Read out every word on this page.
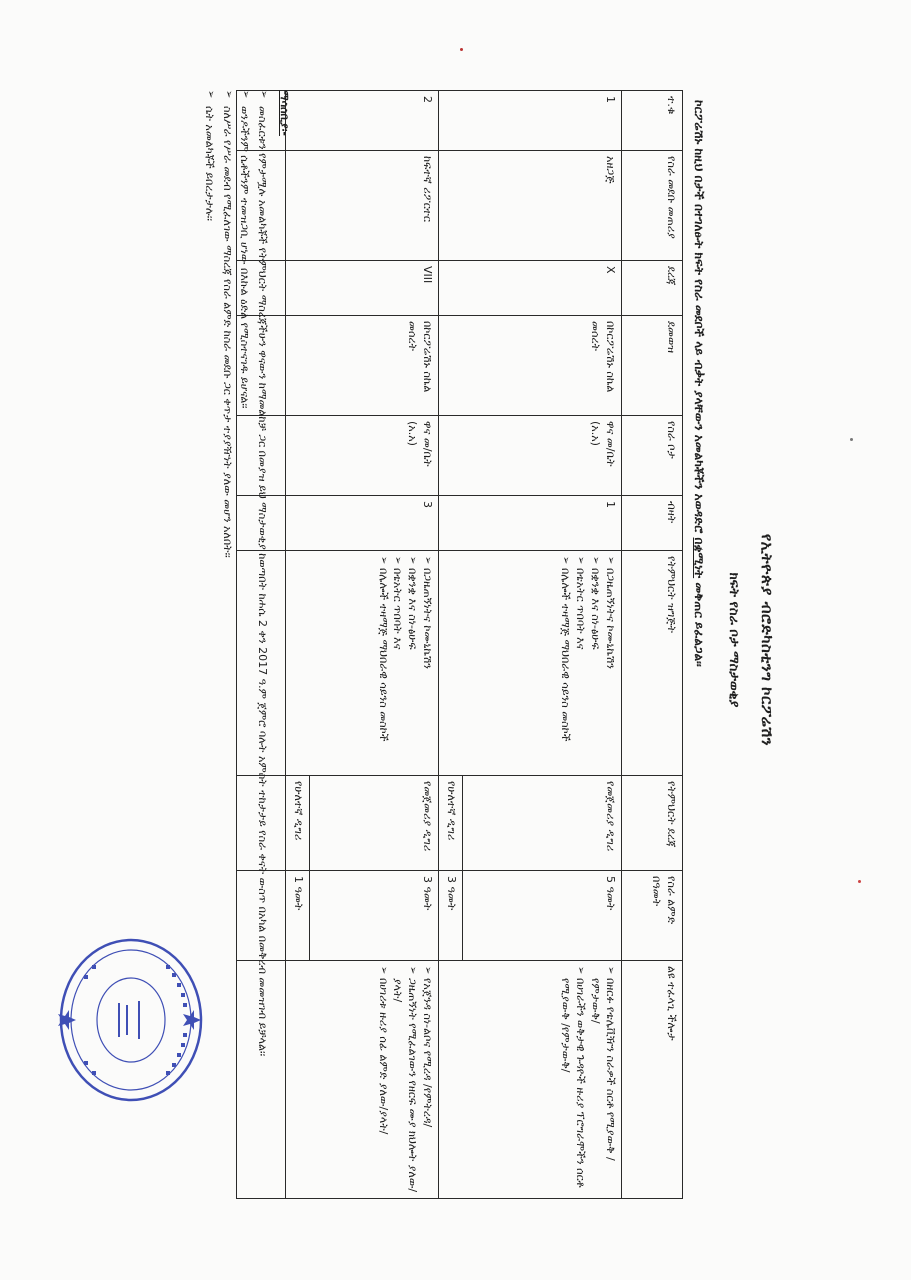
የኢትዮጵያ ብሮድካስቲንግ ኮርፖሬሽን
ክፍት የስራ ቦታ ማስታወቂያ
ኮርፖሬሽኑ ከዚህ በታች በተገለፁት ክፍት የስራ መደቦች ላይ ብቃት ያላቸውን አመልካቾችን አወዳድሮ በቋሚነት መቅጠር ይፈልጋል፡፡
ተ.ቁ	የስራ መደቡ መጠሪያ	ደረጃ	ደመወዝ	የስራ ቦታ	ብዛት	የትምህርት ዝግጅት	የትምህርት ደረጃ	የስራ ልምድ በዓመት	ልዩ ተፈላጊ ችሎታ
1	አዘጋጅ	X	በኮርፖሬሽኑ ስኬል መሰረት	ዋና መ/ቤት (አ.አ)	1	➢ በጋዜጠኝነትና ኮሙኒኬሽን
➢ በቋንቋ እና ስነ-ፅሁፍ
➢ በቴአትር ጥበባት እና
➢ በሌሎች ተዛማጅ ማህበራዊ ሳይንስ መስኮች	የመጀመሪያ ዲግሪ	5 ዓመት	➢ በዘርፉ የቴሌቪዥን ስራዎች ስርቶ የሚያውቅ /የምታውቅ/
➢ በሀገራችን ወቅታዊ ጉዳዮች ዙሪያ ፕሮግራሞችን ሰርቶ የሚያውቅ /የምታውቅ/

							የሁለተኛ ዲግሪ	3 ዓመት	
2	ከፍተኛ ሪፖርተር	VIII	በኮርፖሬሽኑ ስኬል መሰረት	ዋና መ/ቤት (አ.አ)	3	➢ በጋዜጠኝነትና ኮሙኒኬሽን
➢ በቋንቋ እና ስነ-ፅሁፍ
➢ በቴአትር ጥበባት እና
➢ በሌሎች ተዛማጅ ማህበራዊ ሳይንስ መስኮች	የመጀመሪያ ዲግሪ	3 ዓመት	➢ የአጀንዳ ስነ-ልቦና የሚረዳ /የምትረዳ/
➢ ጋዜጠኝነት የሚፈልገውን የዘርፍ ሙያ ክህሎት ያለው/ያላት/
➢ በሀገሪቱ ዙሪያ ሰፊ ልምድ ያለው/ያላት/

							የሁለተኛ ዲግሪ	1 ዓመት	

ማሳሰቢያ፡-
➢ መስፈርቱን የምታሟሉ አመልካቾች የትምህርት ማስረጃችሁን ዋናውን ከማመልከቻ ጋር በመያዝ ይህ ማስታወቂያ ከወጣበት ከሐሴ 2 ቀን 2017 ዓ.ም ጀምሮ ባሉት አምስት ተከታታይ የስራ ቀናት ውስጥ በአካል በመቅረብ መመዝገብ ይቻላል፡፡
➢ ወንዶችንም ሴቶችንም ተመዝጋቢ ሆነው በእኩል ዕድል የሚስተናገዱ ይሆናል፡፡
➢ ስለሥራ የሥራ መደብ የሚፈለገው ማስረጃ የስራ ልምድ ከስራ መደቡ ጋር ቀጥታ ተያያዥነት ያለው መሆን አለበት፡፡
➢ ሴት አመልካቾች ይበረታታሉ፡፡
